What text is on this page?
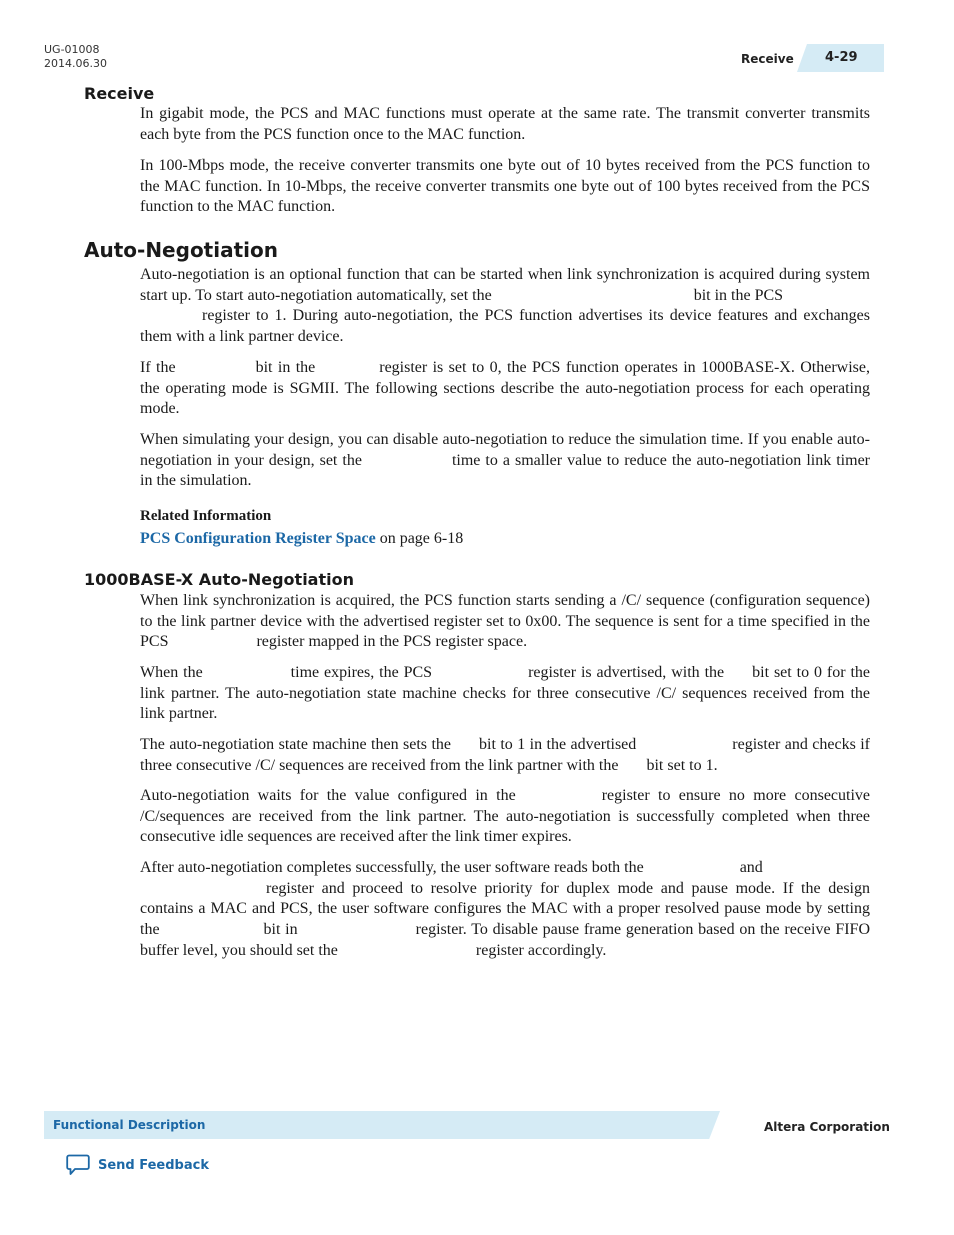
UG-01008
2014.06.30	Receive 4-29
Receive

In gigabit mode, the PCS and MAC functions must operate at the same rate. The transmit converter transmits each byte from the PCS function once to the MAC function.

In 100-Mbps mode, the receive converter transmits one byte out of 10 bytes received from the PCS function to the MAC function. In 10-Mbps, the receive converter transmits one byte out of 100 bytes received from the PCS function to the MAC function.

Auto-Negotiation

Auto-negotiation is an optional function that can be started when link synchronization is acquired during system start up. To start auto-negotiation automatically, set the	bit in the PCS
register to 1. During auto-negotiation, the PCS function advertises its device features and exchanges them with a link partner device.

If the	bit in the	register is set to 0, the PCS function operates in 1000BASE-X. Otherwise, the operating mode is SGMII. The following sections describe the auto-negotiation process for each operating mode.

When simulating your design, you can disable auto-negotiation to reduce the simulation time. If you enable auto-negotiation in your design, set the	time to a smaller value to reduce the auto-negotiation link timer in the simulation.

Related Information
PCS Configuration Register Space on page 6-18
1000BASE-X Auto-Negotiation

When link synchronization is acquired, the PCS function starts sending a /C/ sequence (configuration sequence) to the link partner device with the advertised register set to 0x00. The sequence is sent for a time specified in the PCS	register mapped in the PCS register space.

When the	time expires, the PCS	register is advertised, with the bit set to 0 for the link partner. The auto-negotiation state machine checks for three consecutive /C/ sequences received from the link partner.

The auto-negotiation state machine then sets the bit to 1 in the advertised	register and checks if three consecutive /C/ sequences are received from the link partner with the bit set to 1.

Auto-negotiation waits for the value configured in the	register to ensure no more consecutive /C/sequences are received from the link partner. The auto-negotiation is successfully completed when three consecutive idle sequences are received after the link timer expires.

After auto-negotiation completes successfully, the user software reads both the	and
register and proceed to resolve priority for duplex mode and pause mode. If the design contains a MAC and PCS, the user software configures the MAC with a proper resolved pause mode by setting the	bit in	register. To disable pause frame generation based on the receive FIFO buffer level, you should set the	register accordingly.

Functional Description	Altera Corporation
Send Feedback
